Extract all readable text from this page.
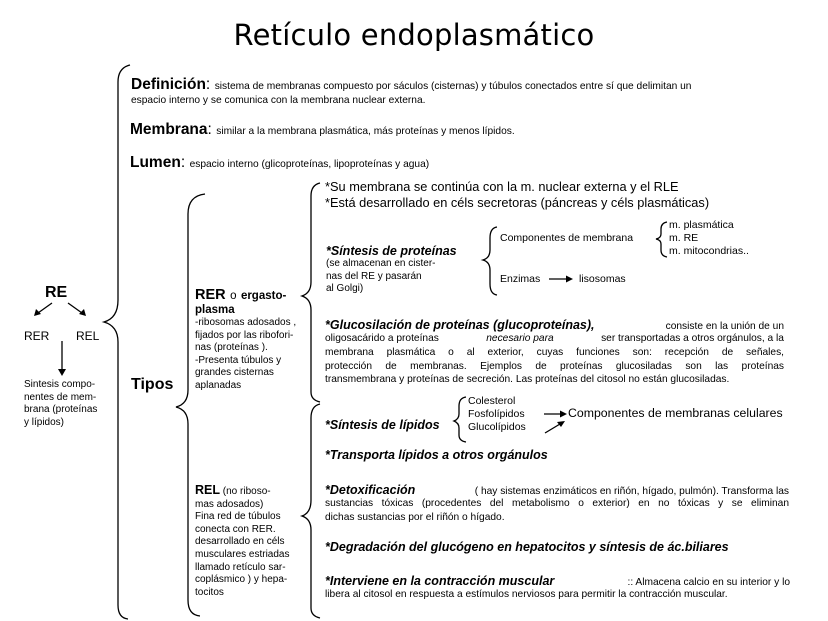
Retículo endoplasmático
Definición: sistema de membranas compuesto por sáculos (cisternas) y túbulos conectados entre sí que delimitan un
espacio interno y se comunica con la membrana nuclear externa.
Membrana: similar a la membrana plasmática, más proteínas y menos lípidos.
Lumen: espacio interno (glicoproteínas, lipoproteínas y agua)
RE
RER REL
Sintesis compo-
nentes de mem-
brana (proteínas
y lípidos)
Tipos
RER o ergasto-
plasma
-ribosomas adosados ,
fijados por las ribofori-
nas (proteínas ).
-Presenta túbulos y
grandes cisternas
aplanadas
REL (no ribosο-
mas adosados)
Fina red de túbulos
conecta con RER.
desarrollado en céls
musculares estriadas
llamado retículo sar-
coplásmico ) y hepa-
tocitos
*Su membrana se continúa con la m. nuclear externa y el RLE
*Está desarrollado en céls secretoras (páncreas y céls plasmáticas)
*Síntesis de proteínas
(se almacenan en cister-
nas del RE y pasarán
al Golgi)
Componentes de membrana
m. plasmática
m. RE
m. mitocondrias..
Enzimas	lisosomas
*Glucosilación de proteínas (glucoproteínas),	consiste en la unión de un
oligosacárido a proteínas	necesario para	ser transportadas a otros orgánulos, a la
membrana plasmática o al exterior, cuyas funciones son: recepción de señales,
protección de membranas. Ejemplos de proteínas glucosiladas son las proteínas
transmembrana y proteínas de secreción. Las proteínas del citosol no están glucosiladas.
*Síntesis de lípidos
Colesterol
Fosfolípidos
Glucolípidos
Componentes de membranas celulares
*Transporta lípidos a otros orgánulos
*Detoxificación	( hay sistemas enzimáticos en riñón, hígado, pulmón). Transforma las
sustancias tóxicas (procedentes del metabolismo o exterior) en no tóxicas y se eliminan
dichas sustancias por el riñón o hígado.
*Degradación del glucógeno en hepatocitos y síntesis de ác.biliares
*Interviene en la contracción muscular	:: Almacena calcio en su interior y lo
libera al citosol en respuesta a estímulos nerviosos para permitir la contracción muscular.
